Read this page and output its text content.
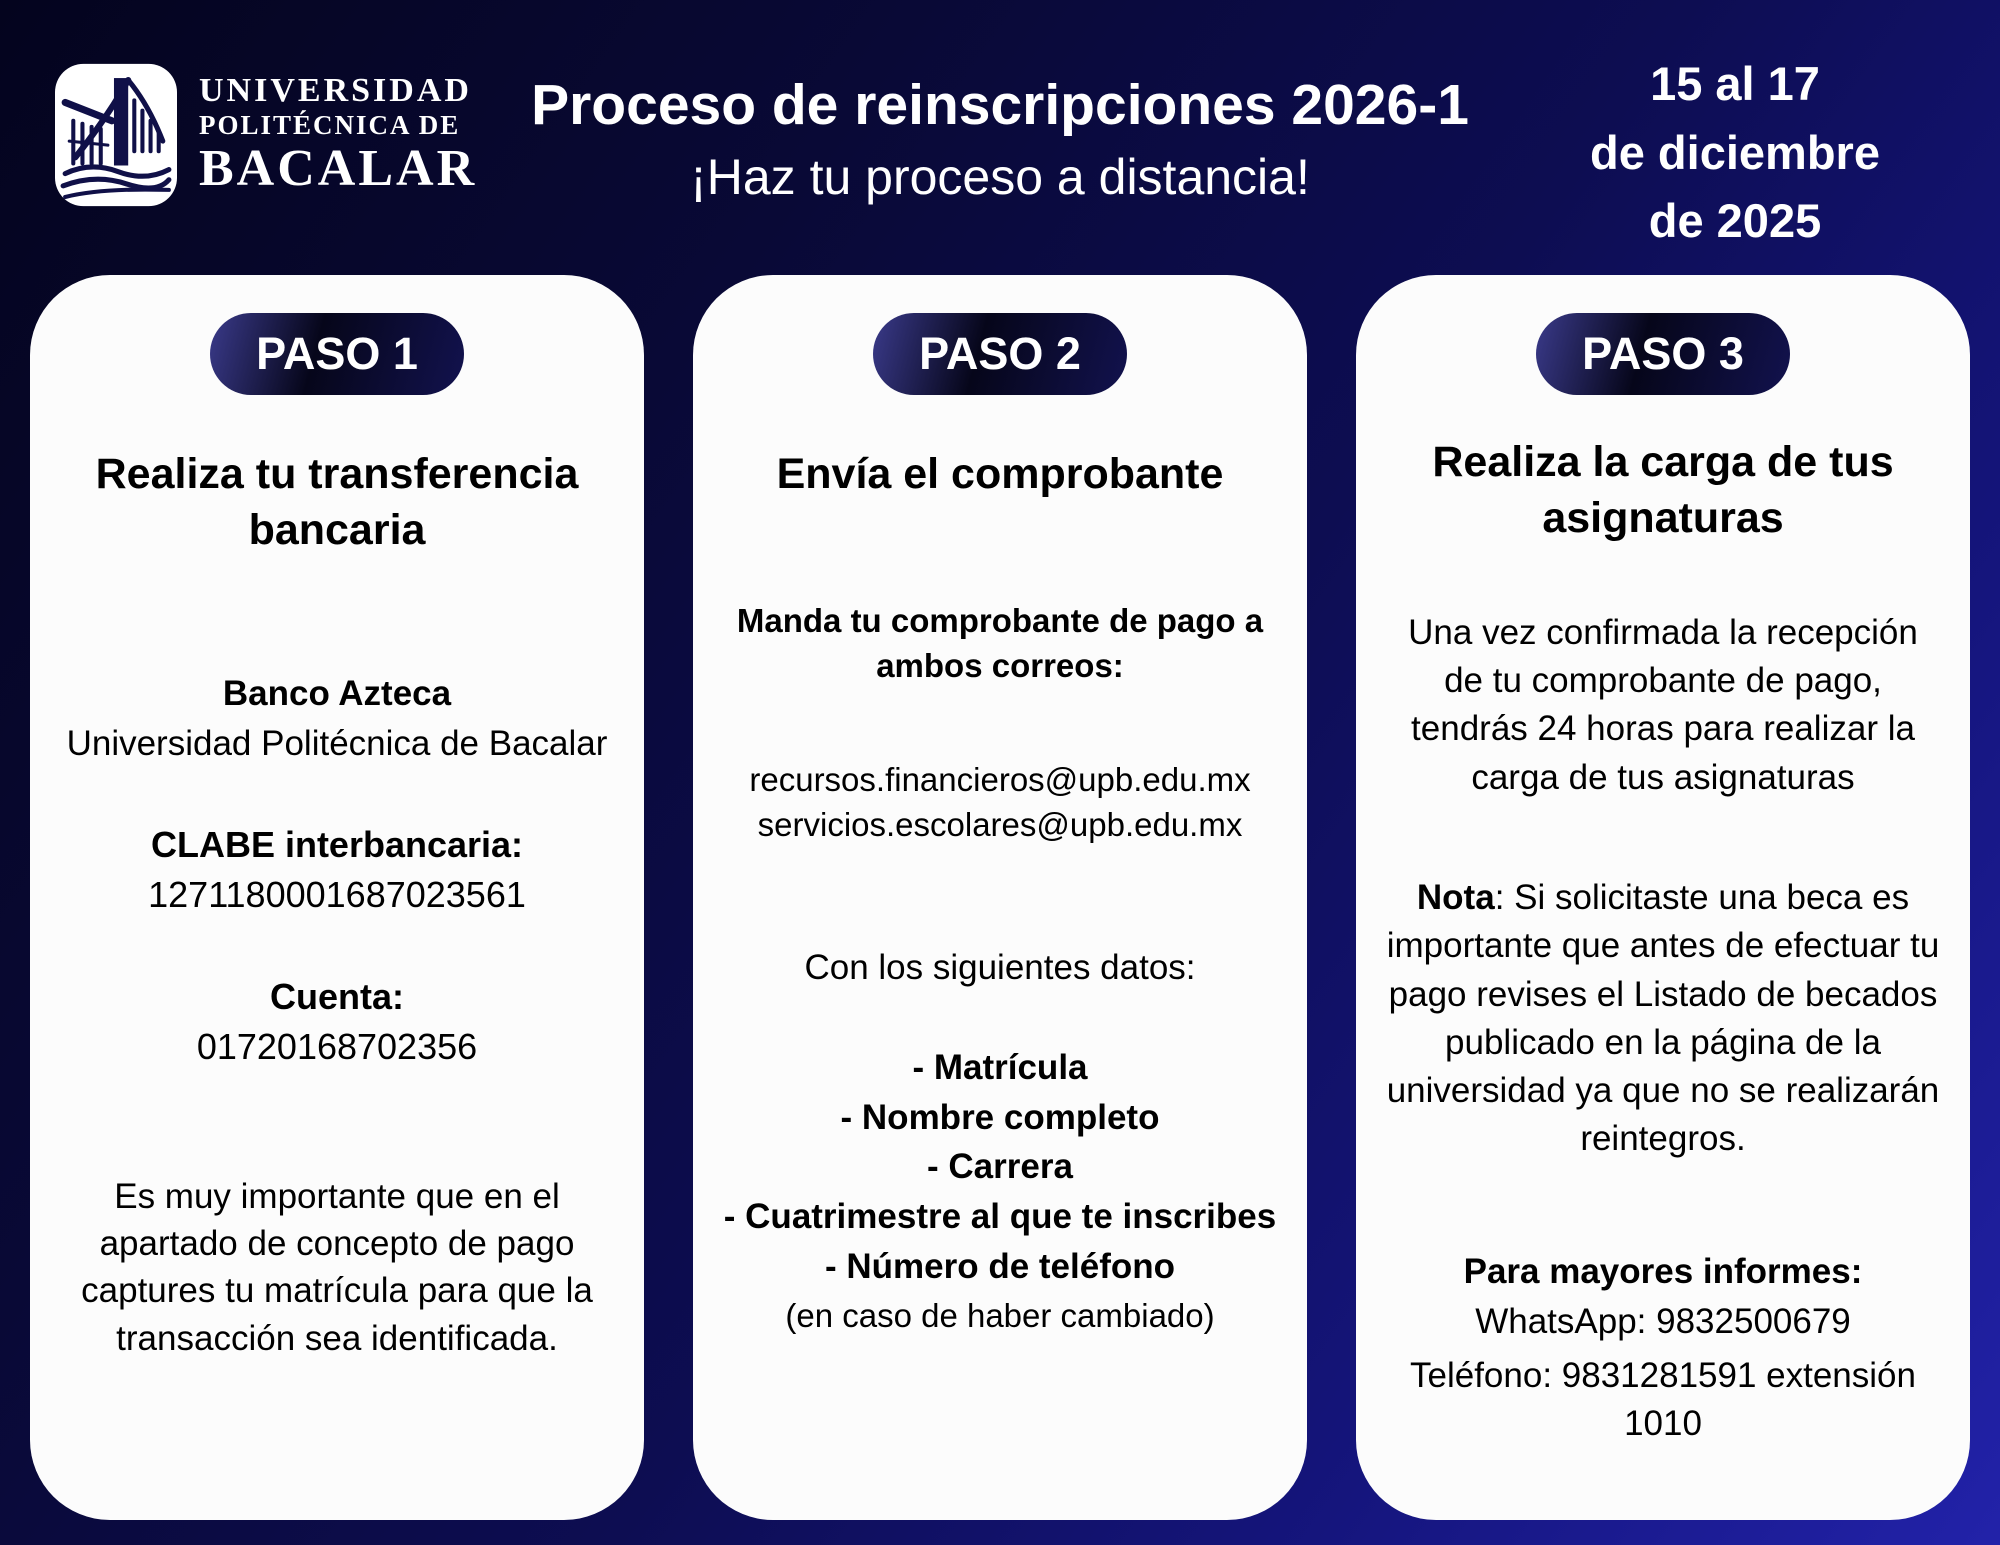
UNIVERSIDAD
POLITÉCNICA DE
BACALAR
Proceso de reinscripciones 2026-1
¡Haz tu proceso a distancia!
15 al 17
de diciembre
de 2025
PASO 1
Realiza tu transferencia bancaria
Banco Azteca
Universidad Politécnica de Bacalar
CLABE interbancaria:
1271180001687023561
Cuenta:
01720168702356
Es muy importante que en el apartado de concepto de pago captures tu matrícula para que la transacción sea identificada.
PASO 2
Envía el comprobante
Manda tu comprobante de pago a ambos correos:
recursos.financieros@upb.edu.mx
servicios.escolares@upb.edu.mx
Con los siguientes datos:
- Matrícula
- Nombre completo
- Carrera
- Cuatrimestre al que te inscribes
- Número de teléfono
(en caso de haber cambiado)
PASO 3
Realiza la carga de tus asignaturas
Una vez confirmada la recepción de tu comprobante de pago, tendrás 24 horas para realizar la carga de tus asignaturas
Nota: Si solicitaste una beca es importante que antes de efectuar tu pago revises el Listado de becados publicado en la página de la universidad ya que no se realizarán reintegros.
Para mayores informes:
WhatsApp: 9832500679
Teléfono: 9831281591 extensión 1010
